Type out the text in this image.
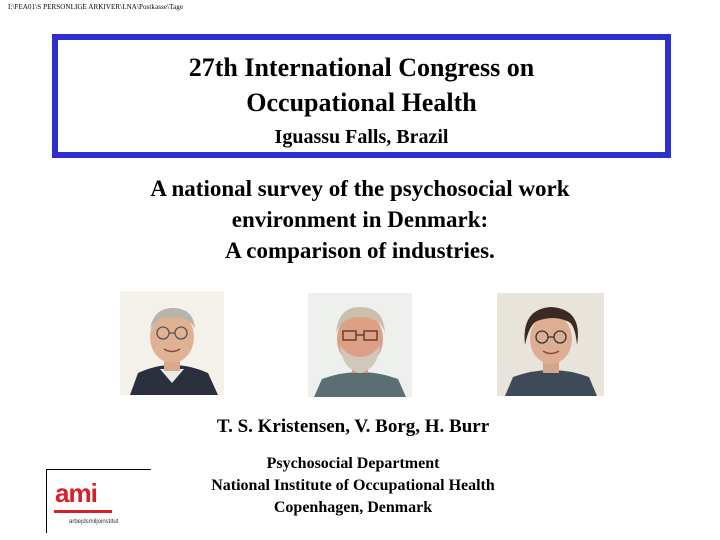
I:\FEA01\S PERSONLIGE ARKIVER\LNA\Postkasse\Tage
27th International Congress on
Occupational Health
Iguassu Falls, Brazil
A national survey of the psychosocial work
environment in Denmark:
A comparison of industries.
T. S. Kristensen, V. Borg, H. Burr
Psychosocial Department
National Institute of Occupational Health
Copenhagen, Denmark
ami
arbejdsmiljoinstitut
